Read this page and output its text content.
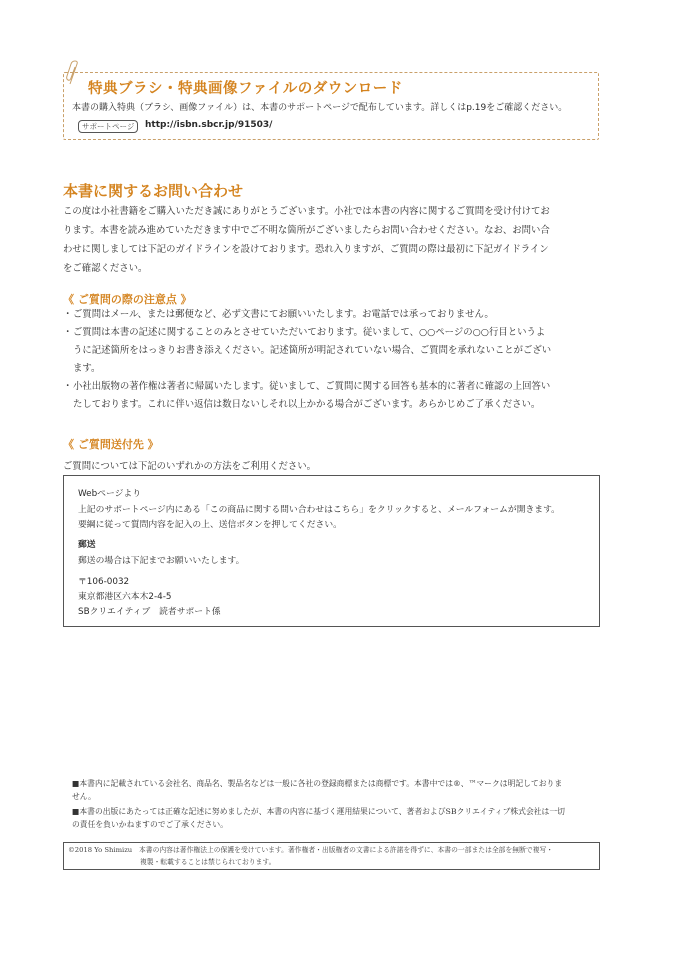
特典ブラシ・特典画像ファイルのダウンロード
本書の購入特典（ブラシ、画像ファイル）は、本書のサポートページで配布しています。詳しくはp.19をご確認ください。
サポートページ	http://isbn.sbcr.jp/91503/
本書に関するお問い合わせ

この度は小社書籍をご購入いただき誠にありがとうございます。小社では本書の内容に関するご質問を受け付けてお

ります。本書を読み進めていただきます中でご不明な箇所がございましたらお問い合わせください。なお、お問い合

わせに関しましては下記のガイドラインを設けております。恐れ入りますが、ご質問の際は最初に下記ガイドライン

をご確認ください。

《 ご質問の際の注意点 》
・ ご質問はメール、または郵便など、必ず文書にてお願いいたします。お電話では承っておりません。
・ ご質問は本書の記述に関することのみとさせていただいております。従いまして、○○ページの○○行目というよ
うに記述箇所をはっきりお書き添えください。記述箇所が明記されていない場合、ご質問を承れないことがござい
ます。
・ 小社出版物の著作権は著者に帰属いたします。従いまして、ご質問に関する回答も基本的に著者に確認の上回答い
たしております。これに伴い返信は数日ないしそれ以上かかる場合がございます。あらかじめご了承ください。
《 ご質問送付先 》
ご質問については下記のいずれかの方法をご利用ください。
Webページより
上記のサポートページ内にある「この商品に関する問い合わせはこちら」をクリックすると、メールフォームが開きます。
要綱に従って質問内容を記入の上、送信ボタンを押してください。
郵送
郵送の場合は下記までお願いいたします。
〒106-0032
東京都港区六本木2-4-5
SBクリエイティブ　読者サポート係
■本書内に記載されている会社名、商品名、製品名などは一般に各社の登録商標または商標です。本書中では®、™マークは明記しておりま
せん。
■本書の出版にあたっては正確な記述に努めましたが、本書の内容に基づく運用結果について、著者およびSBクリエイティブ株式会社は一切
の責任を負いかねますのでご了承ください。
©2018 Yo Shimizu　本書の内容は著作権法上の保護を受けています。著作権者・出版権者の文書による許諾を得ずに、本書の一部または全部を無断で複写・
複製・転載することは禁じられております。
